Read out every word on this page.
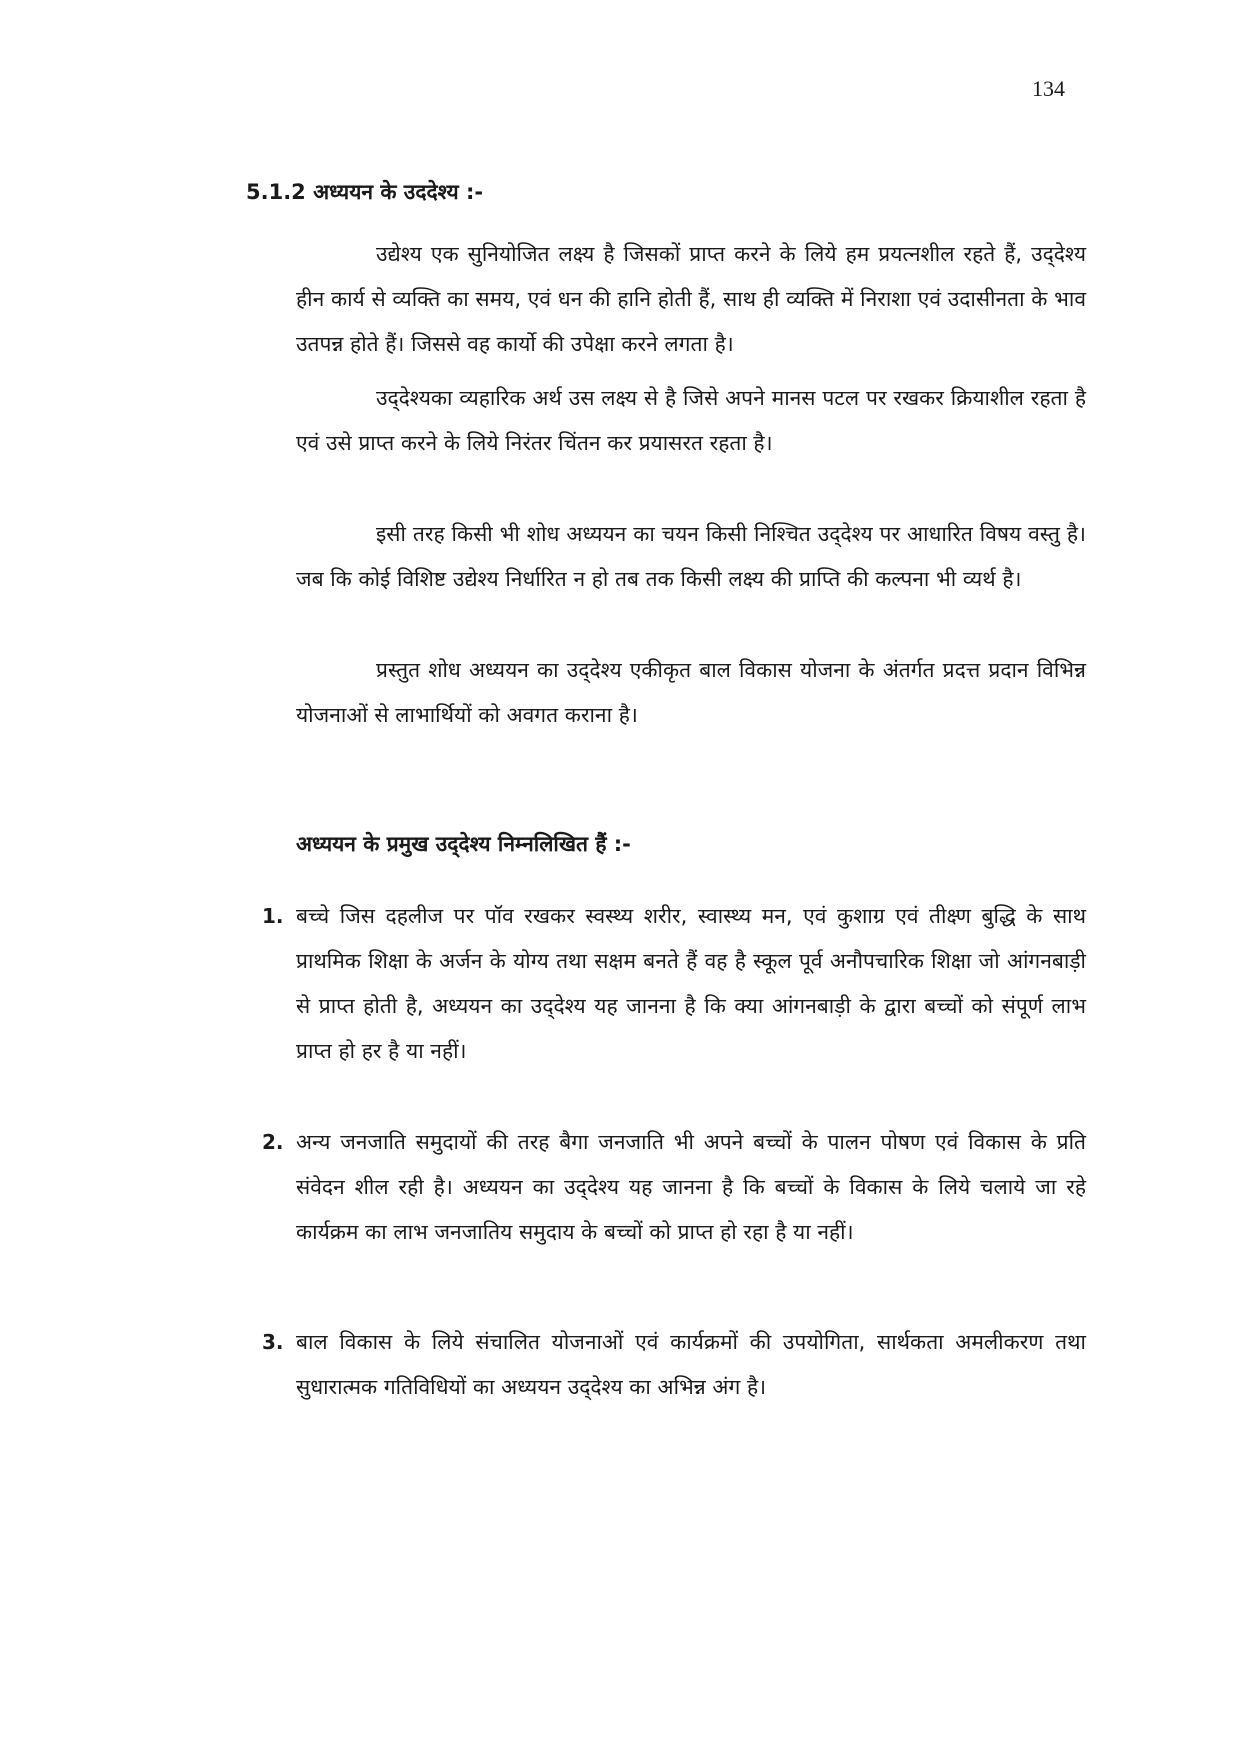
134
5.1.2 अध्ययन के उददेश्य :-

उद्येश्य एक सुनियोजित लक्ष्य है जिसकों प्राप्त करने के लिये हम प्रयत्नशील रहते हैं, उद्‌देश्य हीन कार्य से व्यक्ति का समय, एवं धन की हानि होती हैं, साथ ही व्यक्ति में निराशा एवं उदासीनता के भाव उतपन्न होते हैं। जिससे वह कार्यो की उपेक्षा करने लगता है।

उद्‌देश्यका व्यहारिक अर्थ उस लक्ष्य से है जिसे अपने मानस पटल पर रखकर क्रियाशील रहता है एवं उसे प्राप्त करने के लिये निरंतर चिंतन कर प्रयासरत रहता है।

इसी तरह किसी भी शोध अध्ययन का चयन किसी निश्चित उद्‌देश्य पर आधारित विषय वस्तु है। जब कि कोई विशिष्ट उद्येश्य निर्धारित न हो तब तक किसी लक्ष्य की प्राप्ति की कल्पना भी व्यर्थ है।

प्रस्तुत शोध अध्ययन का उद्‌देश्य एकीकृत बाल विकास योजना के अंतर्गत प्रदत्त प्रदान विभिन्न योजनाओं से लाभार्थियों को अवगत कराना है।

अध्ययन के प्रमुख उद्‌देश्य निम्नलिखित हैं :-
1. बच्चे जिस दहलीज पर पॉव रखकर स्वस्थ्य शरीर, स्वास्थ्य मन, एवं कुशाग्र एवं तीक्ष्ण बुद्धि के साथ प्राथमिक शिक्षा के अर्जन के योग्य तथा सक्षम बनते हैं वह है स्कूल पूर्व अनौपचारिक शिक्षा जो आंगनबाड़ी से प्राप्त होती है, अध्ययन का उद्‌देश्य यह जानना है कि क्या आंगनबाड़ी के द्वारा बच्चों को संपूर्ण लाभ प्राप्त हो हर है या नहीं।
2. अन्य जनजाति समुदायों की तरह बैगा जनजाति भी अपने बच्चों के पालन पोषण एवं विकास के प्रति संवेदन शील रही है। अध्ययन का उद्‌देश्य यह जानना है कि बच्चों के विकास के लिये चलाये जा रहे कार्यक्रम का लाभ जनजातिय समुदाय के बच्चों को प्राप्त हो रहा है या नहीं।
3. बाल विकास के लिये संचालित योजनाओं एवं कार्यक्रमों की उपयोगिता, सार्थकता अमलीकरण तथा सुधारात्मक गतिविधियों का अध्ययन उद्‌देश्य का अभिन्न अंग है।
